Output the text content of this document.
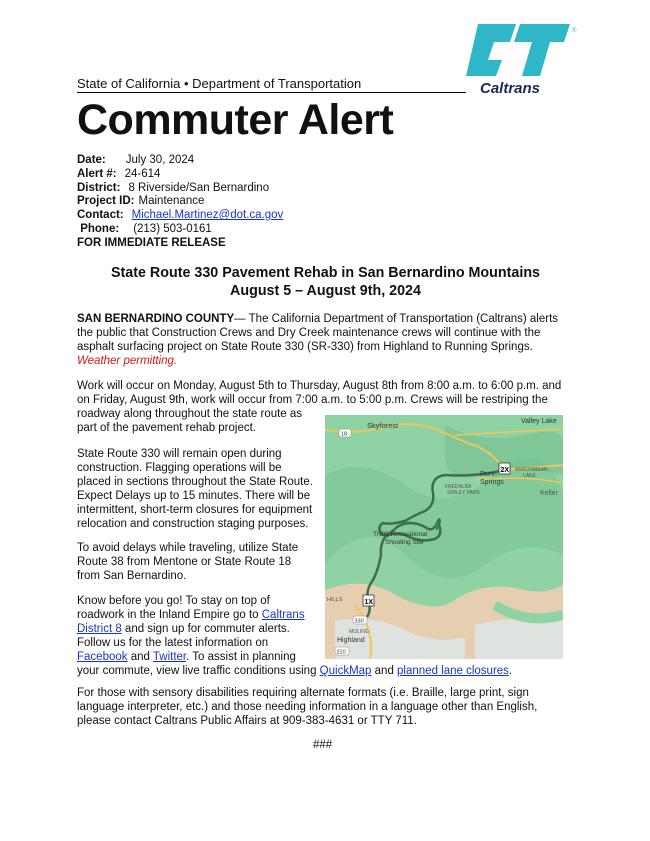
State of California • Department of Transportation
Commuter Alert
®
Caltrans
Date: July 30, 2024
Alert #: 24-614
District: 8 Riverside/San Bernardino
Project ID: Maintenance
Contact: Michael.Martinez@dot.ca.gov
Phone: (213) 503-0161
FOR IMMEDIATE RELEASE
State Route 330 Pavement Rehab in San Bernardino Mountains
August 5 – August 9th, 2024
SAN BERNARDINO COUNTY— The California Department of Transportation (Caltrans) alerts the public that Construction Crews and Dry Creek maintenance crews will continue with the asphalt surfacing project on State Route 330 (SR-330) from Highland to Running Springs. Weather permitting.
Work will occur on Monday, August 5th to Thursday, August 8th from 8:00 a.m. to 6:00 p.m. and
on Friday, August 9th, work will occur from 7:00 a.m. to 5:00 p.m. Crews will be restriping the
roadway along throughout the state route as
part of the pavement rehab project.
State Route 330 will remain open during
construction. Flagging operations will be
placed in sections throughout the State Route.
Expect Delays up to 15 minutes. There will be
intermittent, short-term closures for equipment
relocation and construction staging purposes.
To avoid delays while traveling, utilize State
Route 38 from Mentone or State Route 18
from San Bernardino.
Know before you go! To stay on top of
roadwork in the Inland Empire go to Caltrans
District 8 and sign up for commuter alerts.
Follow us for the latest information on
Facebook and Twitter. To assist in planning
your commute, view live traffic conditions using QuickMap and planned lane closures.
For those with sensory disabilities requiring alternate formats (i.e. Braille, large print, sign
language interpreter, etc.) and those needing information in a language other than English,
please contact Caltrans Public Affairs at 909-383-4631 or TTY 711.
###
1X
2X
18
330
210
Valley Lake
Skyforest
Runn
Springs
ARROWBEAR
LAKE
FREDALBA
SMILEY PARK	Keller
TN09 Recreational
Shooting Site
HILLS
MOLING
Highland
